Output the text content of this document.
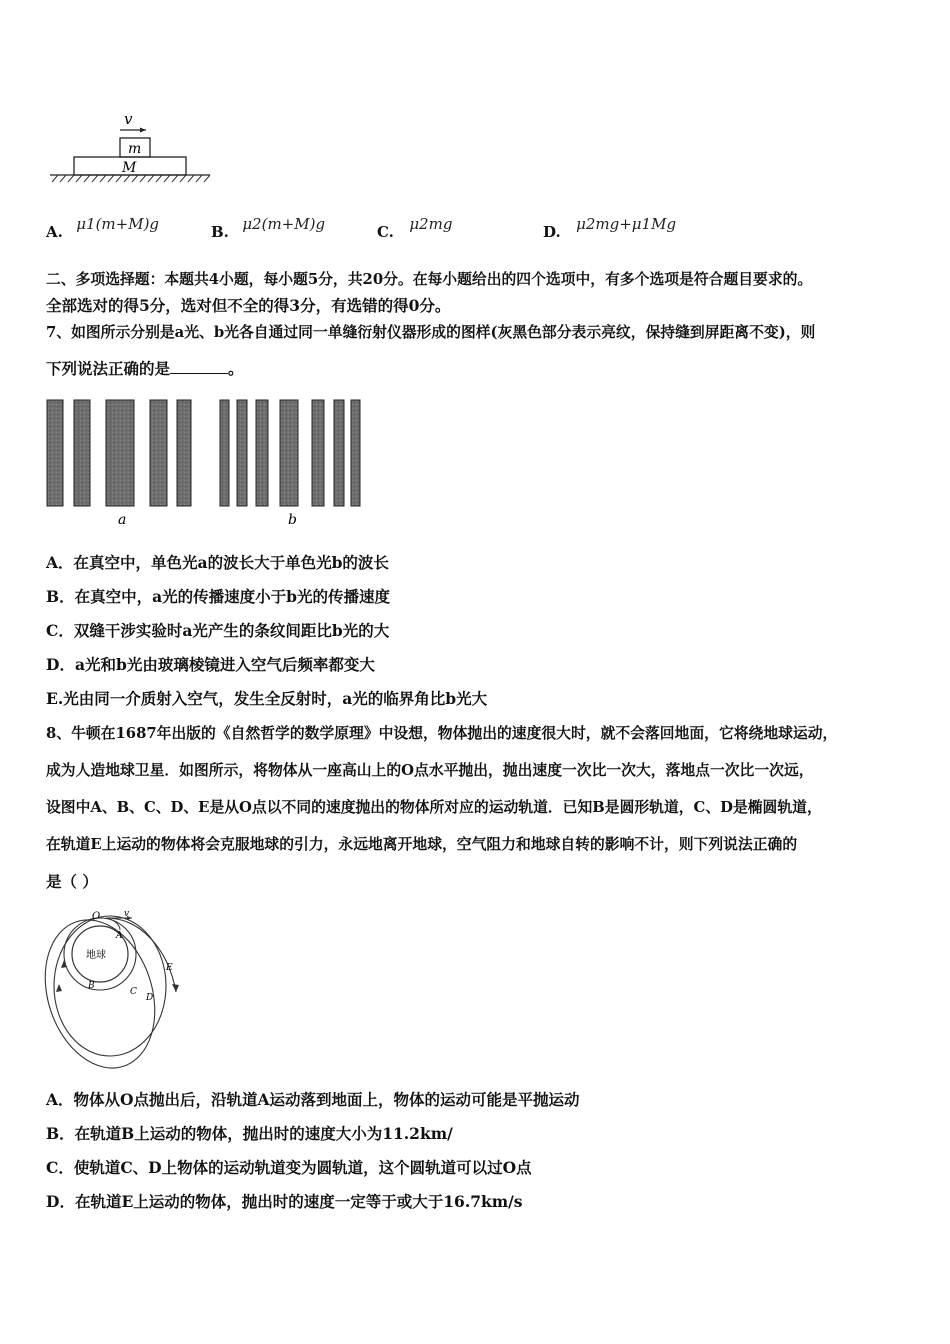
v
m
M
A. μ1(m+M)g	B. μ2(m+M)g	C. μ2mg	D. μ2mg+μ1Mg
二、多项选择题：本题共4小题，每小题5分，共20分。在每小题给出的四个选项中，有多个选项是符合题目要求的。
全部选对的得5分，选对但不全的得3分，有选错的得0分。
7、如图所示分别是a光、b光各自通过同一单缝衍射仪器形成的图样(灰黑色部分表示亮纹，保持缝到屏距离不变)，则
下列说法正确的是	。
a	b
A．在真空中，单色光a的波长大于单色光b的波长
B．在真空中，a光的传播速度小于b光的传播速度
C．双缝干涉实验时a光产生的条纹间距比b光的大
D．a光和b光由玻璃棱镜进入空气后频率都变大
E.光由同一介质射入空气，发生全反射时，a光的临界角比b光大
8、牛顿在1687年出版的《自然哲学的数学原理》中设想，物体抛出的速度很大时，就不会落回地面，它将绕地球运动，
成为人造地球卫星．如图所示，将物体从一座高山上的O点水平抛出，抛出速度一次比一次大，落地点一次比一次远，
设图中A、B、C、D、E是从O点以不同的速度抛出的物体所对应的运动轨道．已知B是圆形轨道，C、D是椭圆轨道，
在轨道E上运动的物体将会克服地球的引力，永远地离开地球，空气阻力和地球自转的影响不计，则下列说法正确的
是（ ）
地球
O	v
A
B
C
D
E
A．物体从O点抛出后，沿轨道A运动落到地面上，物体的运动可能是平抛运动
B．在轨道B上运动的物体，抛出时的速度大小为11.2km/
C．使轨道C、D上物体的运动轨道变为圆轨道，这个圆轨道可以过O点
D．在轨道E上运动的物体，抛出时的速度一定等于或大于16.7km/s
